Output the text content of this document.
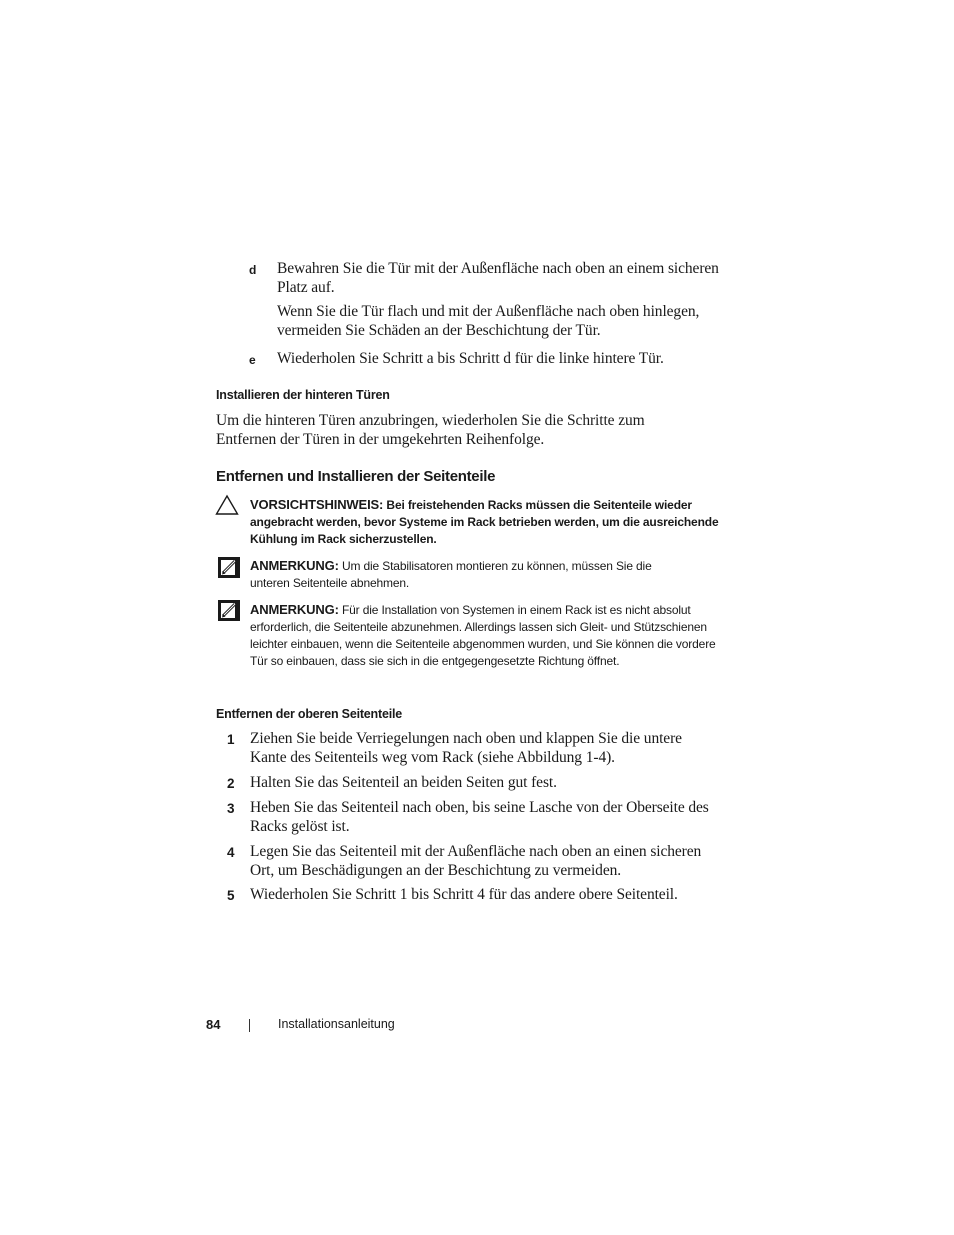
d Bewahren Sie die Tür mit der Außenfläche nach oben an einem sicheren Platz auf.
Wenn Sie die Tür flach und mit der Außenfläche nach oben hinlegen, vermeiden Sie Schäden an der Beschichtung der Tür.
e Wiederholen Sie Schritt a bis Schritt d für die linke hintere Tür.
Installieren der hinteren Türen
Um die hinteren Türen anzubringen, wiederholen Sie die Schritte zum Entfernen der Türen in der umgekehrten Reihenfolge.
Entfernen und Installieren der Seitenteile
VORSICHTSHINWEIS: Bei freistehenden Racks müssen die Seitenteile wieder angebracht werden, bevor Systeme im Rack betrieben werden, um die ausreichende Kühlung im Rack sicherzustellen.
ANMERKUNG: Um die Stabilisatoren montieren zu können, müssen Sie die unteren Seitenteile abnehmen.
ANMERKUNG: Für die Installation von Systemen in einem Rack ist es nicht absolut erforderlich, die Seitenteile abzunehmen. Allerdings lassen sich Gleit- und Stützschienen leichter einbauen, wenn die Seitenteile abgenommen wurden, und Sie können die vordere Tür so einbauen, dass sie sich in die entgegengesetzte Richtung öffnet.
Entfernen der oberen Seitenteile
1 Ziehen Sie beide Verriegelungen nach oben und klappen Sie die untere Kante des Seitenteils weg vom Rack (siehe Abbildung 1-4).
2 Halten Sie das Seitenteil an beiden Seiten gut fest.
3 Heben Sie das Seitenteil nach oben, bis seine Lasche von der Oberseite des Racks gelöst ist.
4 Legen Sie das Seitenteil mit der Außenfläche nach oben an einen sicheren Ort, um Beschädigungen an der Beschichtung zu vermeiden.
5 Wiederholen Sie Schritt 1 bis Schritt 4 für das andere obere Seitenteil.
84	Installationsanleitung
